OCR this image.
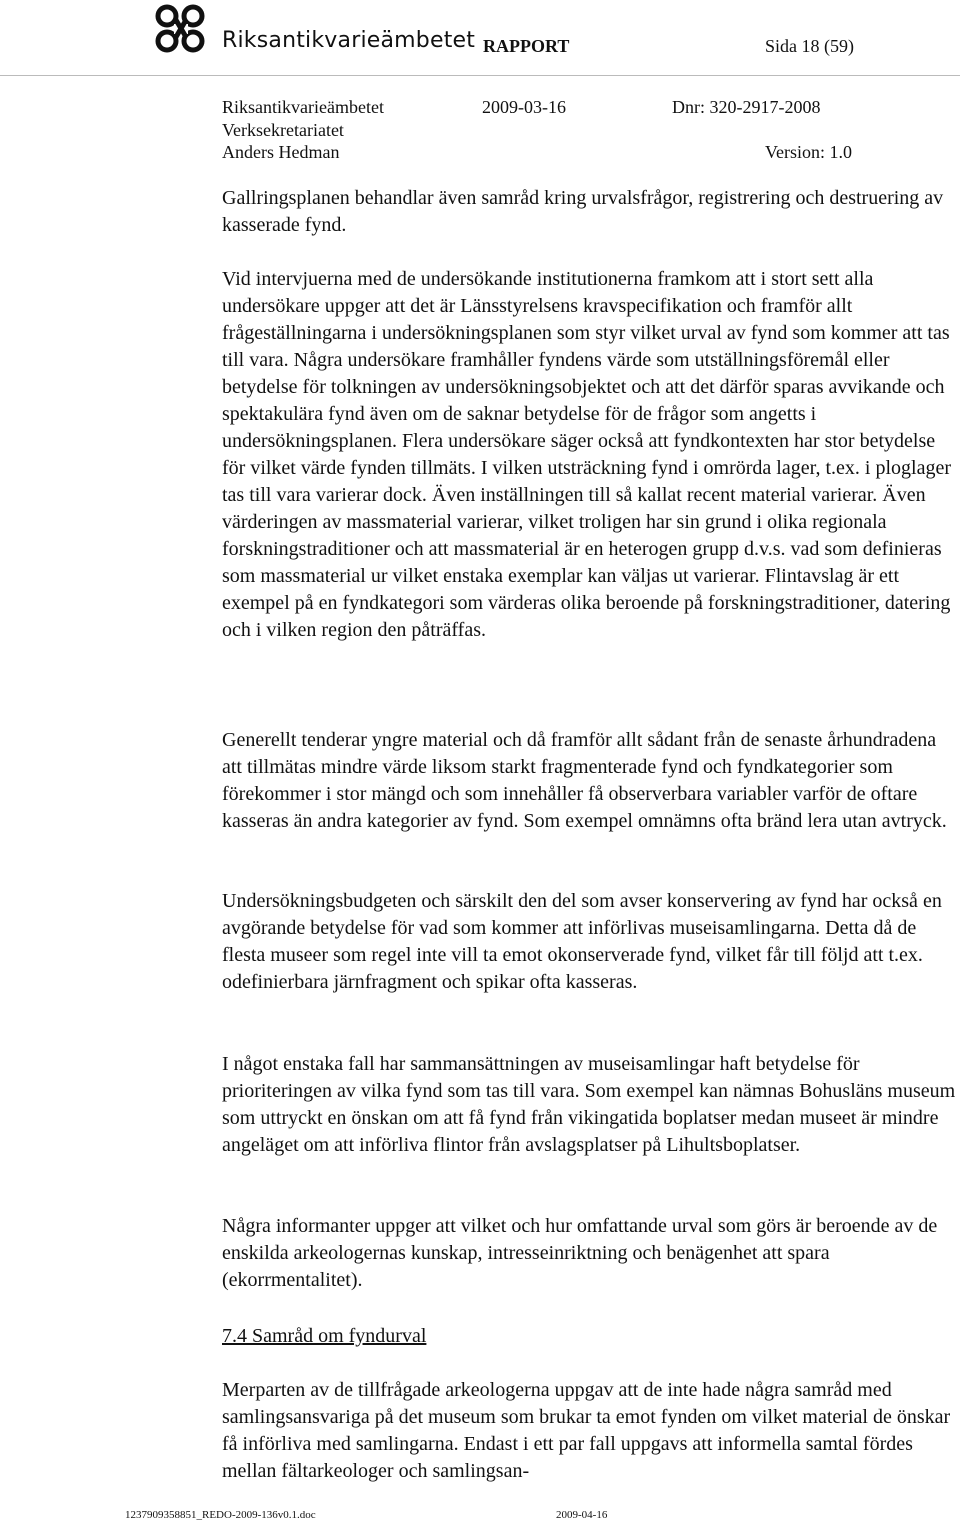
Riksantikvarieämbetet RAPPORT	Sida 18 (59)
Riksantikvarieämbetet	2009-03-16	Dnr: 320-2917-2008
Verksekretariatet
Anders Hedman	Version: 1.0

Gallringsplanen behandlar även samråd kring urvalsfrågor, registrering och destruering av kasserade fynd.

Vid intervjuerna med de undersökande institutionerna framkom att i stort sett alla undersökare uppger att det är Länsstyrelsens kravspecifikation och framför allt frågeställningarna i undersökningsplanen som styr vilket urval av fynd som kommer att tas till vara. Några undersökare framhåller fyndens värde som utställningsföremål eller betydelse för tolkningen av undersökningsobjektet och att det därför sparas avvikande och spektakulära fynd även om de saknar betydelse för de frågor som angetts i undersökningsplanen. Flera undersökare säger också att fyndkontexten har stor betydelse för vilket värde fynden tillmäts. I vilken utsträckning fynd i omrörda lager, t.ex. i ploglager tas till vara varierar dock. Även inställningen till så kallat recent material varierar. Även värderingen av massmaterial varierar, vilket troligen har sin grund i olika regionala forskningstraditioner och att massmaterial är en heterogen grupp d.v.s. vad som definieras som massmaterial ur vilket enstaka exemplar kan väljas ut varierar. Flintavslag är ett exempel på en fyndkategori som värderas olika beroende på forskningstraditioner, datering och i vilken region den påträffas.

Generellt tenderar yngre material och då framför allt sådant från de senaste århundradena att tillmätas mindre värde liksom starkt fragmenterade fynd och fyndkategorier som förekommer i stor mängd och som innehåller få observerbara variabler varför de oftare kasseras än andra kategorier av fynd. Som exempel omnämns ofta bränd lera utan avtryck.

Undersökningsbudgeten och särskilt den del som avser konservering av fynd har också en avgörande betydelse för vad som kommer att införlivas museisamlingarna. Detta då de flesta museer som regel inte vill ta emot okonserverade fynd, vilket får till följd att t.ex. odefinierbara järnfragment och spikar ofta kasseras.

I något enstaka fall har sammansättningen av museisamlingar haft betydelse för prioriteringen av vilka fynd som tas till vara. Som exempel kan nämnas Bohusläns museum som uttryckt en önskan om att få fynd från vikingatida boplatser medan museet är mindre angeläget om att införliva flintor från avslagsplatser på Lihultsboplatser.

Några informanter uppger att vilket och hur omfattande urval som görs är beroende av de enskilda arkeologernas kunskap, intresseinriktning och benägenhet att spara (ekorrmentalitet).

7.4 Samråd om fyndurval

Merparten av de tillfrågade arkeologerna uppgav att de inte hade några samråd med samlingsansvariga på det museum som brukar ta emot fynden om vilket material de önskar få införliva med samlingarna. Endast i ett par fall uppgavs att informella samtal fördes mellan fältarkeologer och samlingsan-

1237909358851_REDO-2009-136v0.1.doc	2009-04-16
